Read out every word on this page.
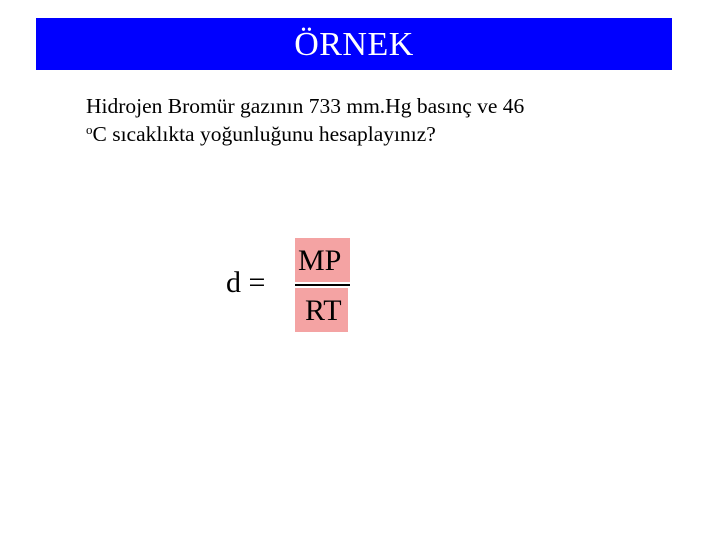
ÖRNEK
Hidrojen Bromür gazının 733 mm.Hg basınç ve 46
$^o$C sıcaklıkta yoğunluğunu hesaplayınız?
d =
MP
RT
